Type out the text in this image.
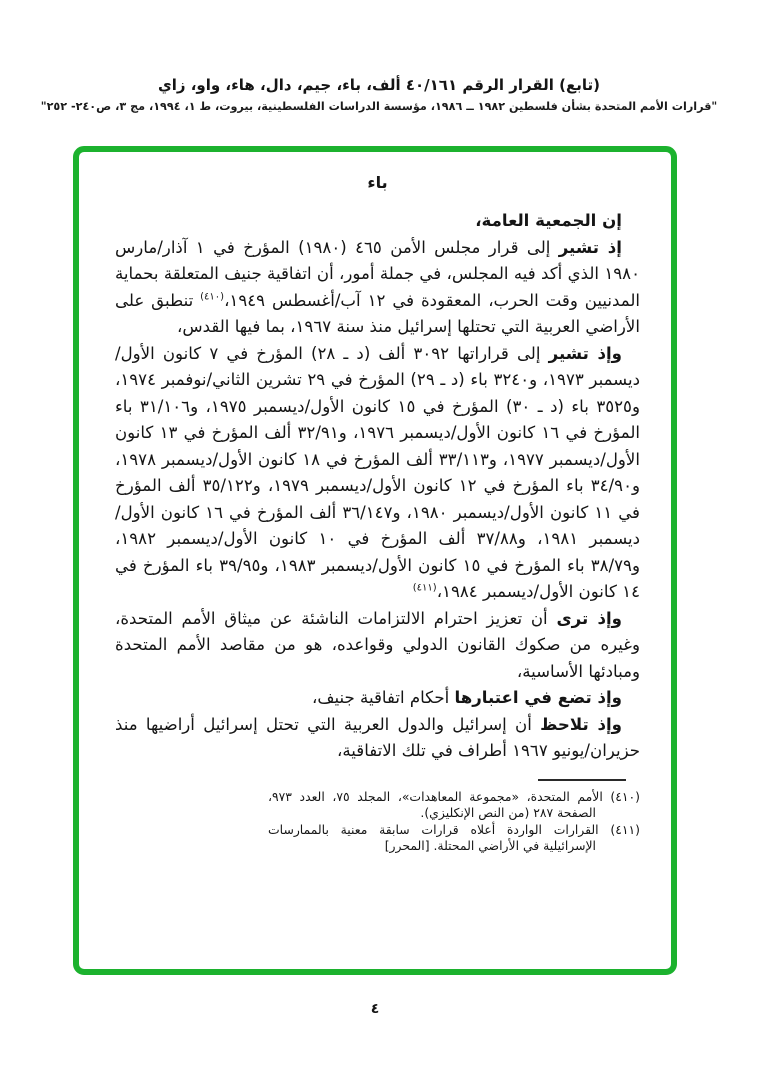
(تابع) القرار الرقم ٤٠/١٦١ ألف، باء، جيم، دال، هاء، واو، زاي
"قرارات الأمم المتحدة بشأن فلسطين ١٩٨٢ ــ ١٩٨٦، مؤسسة الدراسات الفلسطينية، بيروت، ط ١، ١٩٩٤، مج ٣، ص٢٤٠- ٢٥٢"
باء

إن الجمعية العامة،

إذ تشير إلى قرار مجلس الأمن ٤٦٥ (١٩٨٠) المؤرخ في ١ آذار/مارس ١٩٨٠ الذي أكد فيه المجلس، في جملة أمور، أن اتفاقية جنيف المتعلقة بحماية المدنيين وقت الحرب، المعقودة في ١٢ آب/أغسطس ١٩٤٩،$^{(٤١٠)}$ تنطبق على الأراضي العربية التي تحتلها إسرائيل منذ سنة ١٩٦٧، بما فيها القدس،

وإذ تشير إلى قراراتها ٣٠٩٢ ألف (د ـ ٢٨) المؤرخ في ٧ كانون الأول/ديسمبر ١٩٧٣، و٣٢٤٠ باء (د ـ ٢٩) المؤرخ في ٢٩ تشرين الثاني/نوفمبر ١٩٧٤، و٣٥٢٥ باء (د ـ ٣٠) المؤرخ في ١٥ كانون الأول/ديسمبر ١٩٧٥، و٣١/١٠٦ باء المؤرخ في ١٦ كانون الأول/ديسمبر ١٩٧٦، و٣٢/٩١ ألف المؤرخ في ١٣ كانون الأول/ديسمبر ١٩٧٧، و٣٣/١١٣ ألف المؤرخ في ١٨ كانون الأول/ديسمبر ١٩٧٨، و٣٤/٩٠ باء المؤرخ في ١٢ كانون الأول/ديسمبر ١٩٧٩، و٣٥/١٢٢ ألف المؤرخ في ١١ كانون الأول/ديسمبر ١٩٨٠، و٣٦/١٤٧ ألف المؤرخ في ١٦ كانون الأول/ديسمبر ١٩٨١، و٣٧/٨٨ ألف المؤرخ في ١٠ كانون الأول/ديسمبر ١٩٨٢، و٣٨/٧٩ باء المؤرخ في ١٥ كانون الأول/ديسمبر ١٩٨٣، و٣٩/٩٥ باء المؤرخ في ١٤ كانون الأول/ديسمبر ١٩٨٤،$^{(٤١١)}$

وإذ ترى أن تعزيز احترام الالتزامات الناشئة عن ميثاق الأمم المتحدة، وغيره من صكوك القانون الدولي وقواعده، هو من مقاصد الأمم المتحدة ومبادئها الأساسية،

وإذ تضع في اعتبارها أحكام اتفاقية جنيف،

وإذ تلاحظ أن إسرائيل والدول العربية التي تحتل إسرائيل أراضيها منذ حزيران/يونيو ١٩٦٧ أطراف في تلك الاتفاقية،

(٤١٠) الأمم المتحدة، «مجموعة المعاهدات»، المجلد ٧٥، العدد ٩٧٣، الصفحة ٢٨٧ (من النص الإنكليزي).

(٤١١) القرارات الواردة أعلاه قرارات سابقة معنية بالممارسات الإسرائيلية في الأراضي المحتلة. [المحرر]

٤
